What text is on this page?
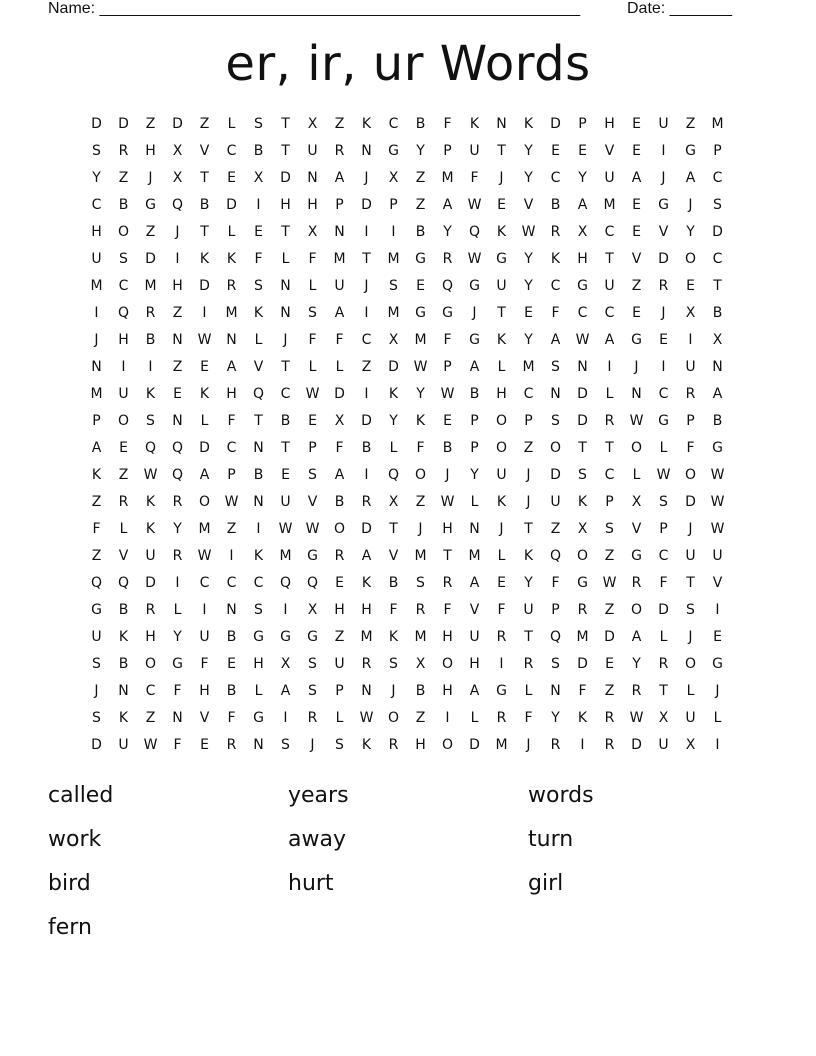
Name: ______________________________________________________	Date: _______
er, ir, ur Words
D	D	Z	D	Z	L	S	T	X	Z	K	C	B	F	K	N	K	D	P	H	E	U	Z	M
S	R	H	X	V	C	B	T	U	R	N	G	Y	P	U	T	Y	E	E	V	E	I	G	P
Y	Z	J	X	T	E	X	D	N	A	J	X	Z	M	F	J	Y	C	Y	U	A	J	A	C
C	B	G	Q	B	D	I	H	H	P	D	P	Z	A	W	E	V	B	A	M	E	G	J	S
H	O	Z	J	T	L	E	T	X	N	I	I	B	Y	Q	K	W	R	X	C	E	V	Y	D
U	S	D	I	K	K	F	L	F	M	T	M	G	R	W	G	Y	K	H	T	V	D	O	C
M	C	M	H	D	R	S	N	L	U	J	S	E	Q	G	U	Y	C	G	U	Z	R	E	T
I	Q	R	Z	I	M	K	N	S	A	I	M	G	G	J	T	E	F	C	C	E	J	X	B
J	H	B	N	W	N	L	J	F	F	C	X	M	F	G	K	Y	A	W	A	G	E	I	X
N	I	I	Z	E	A	V	T	L	L	Z	D	W	P	A	L	M	S	N	I	J	I	U	N
M	U	K	E	K	H	Q	C	W	D	I	K	Y	W	B	H	C	N	D	L	N	C	R	A
P	O	S	N	L	F	T	B	E	X	D	Y	K	E	P	O	P	S	D	R	W	G	P	B
A	E	Q	Q	D	C	N	T	P	F	B	L	F	B	P	O	Z	O	T	T	O	L	F	G
K	Z	W	Q	A	P	B	E	S	A	I	Q	O	J	Y	U	J	D	S	C	L	W	O	W
Z	R	K	R	O	W	N	U	V	B	R	X	Z	W	L	K	J	U	K	P	X	S	D	W
F	L	K	Y	M	Z	I	W W	O	D	T	J	H	N	J	T	Z	X	S	V	P	J	W
Z	V	U	R	W	I	K	M	G	R	A	V	M	T	M	L	K	Q	O	Z	G	C	U	U
Q	Q	D	I	C	C	C	Q	Q	E	K	B	S	R	A	E	Y	F	G	W	R	F	T	V
G	B	R	L	I	N	S	I	X	H	H	F	R	F	V	F	U	P	R	Z	O	D	S	I
U	K	H	Y	U	B	G	G	G	Z	M	K	M	H	U	R	T	Q	M	D	A	L	J	E
S	B	O	G	F	E	H	X	S	U	R	S	X	O	H	I	R	S	D	E	Y	R	O	G
J	N	C	F	H	B	L	A	S	P	N	J	B	H	A	G	L	N	F	Z	R	T	L	J
S	K	Z	N	V	F	G	I	R	L	W	O	Z	I	L	R	F	Y	K	R	W	X	U	L
D	U	W	F	E	R	N	S	J	S	K	R	H	O	D	M	J	R	I	R	D	U	X	I
called	years	words
work	away	turn
bird	hurt	girl
fern
